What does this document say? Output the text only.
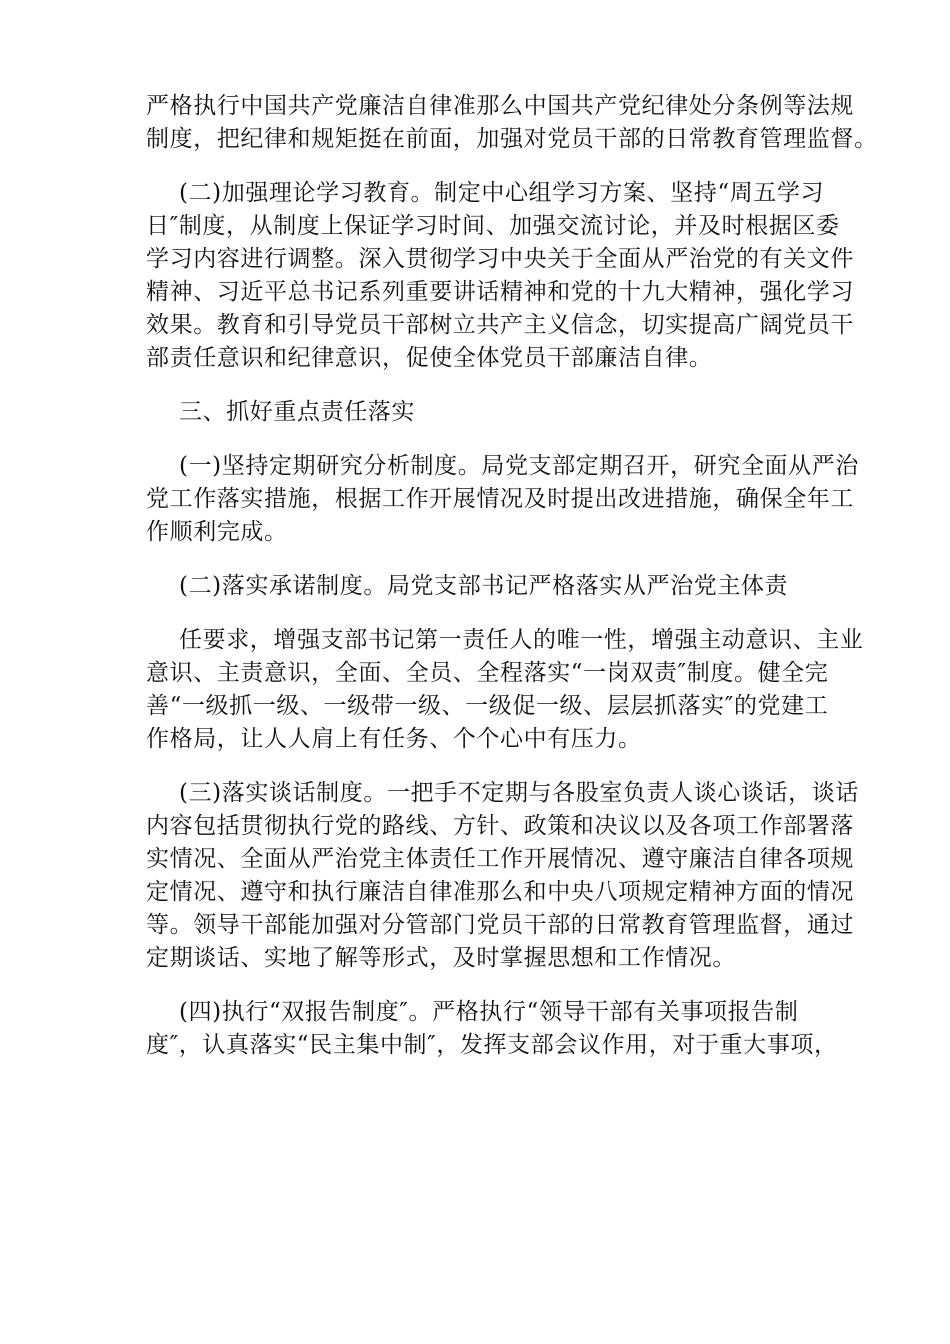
严格执行中国共产党廉洁自律准那么中国共产党纪律处分条例等法规
制度，把纪律和规矩挺在前面，加强对党员干部的日常教育管理监督。
(二)加强理论学习教育。制定中心组学习方案、坚持“周五学习
日″制度，从制度上保证学习时间、加强交流讨论，并及时根据区委
学习内容进行调整。深入贯彻学习中央关于全面从严治党的有关文件
精神、习近平总书记系列重要讲话精神和党的十九大精神，强化学习
效果。教育和引导党员干部树立共产主义信念，切实提高广阔党员干
部责任意识和纪律意识，促使全体党员干部廉洁自律。
三、抓好重点责任落实
(一)坚持定期研究分析制度。局党支部定期召开，研究全面从严治
党工作落实措施，根据工作开展情况及时提出改进措施，确保全年工
作顺利完成。
(二)落实承诺制度。局党支部书记严格落实从严治党主体责
任要求，增强支部书记第一责任人的唯一性，增强主动意识、主业
意识、主责意识，全面、全员、全程落实“一岗双责″制度。健全完
善“一级抓一级、一级带一级、一级促一级、层层抓落实″的党建工
作格局，让人人肩上有任务、个个心中有压力。
(三)落实谈话制度。一把手不定期与各股室负责人谈心谈话，谈话
内容包括贯彻执行党的路线、方针、政策和决议以及各项工作部署落
实情况、全面从严治党主体责任工作开展情况、遵守廉洁自律各项规
定情况、遵守和执行廉洁自律准那么和中央八项规定精神方面的情况
等。领导干部能加强对分管部门党员干部的日常教育管理监督，通过
定期谈话、实地了解等形式，及时掌握思想和工作情况。
(四)执行“双报告制度″。严格执行“领导干部有关事项报告制
度″，认真落实“民主集中制″，发挥支部会议作用，对于重大事项，
